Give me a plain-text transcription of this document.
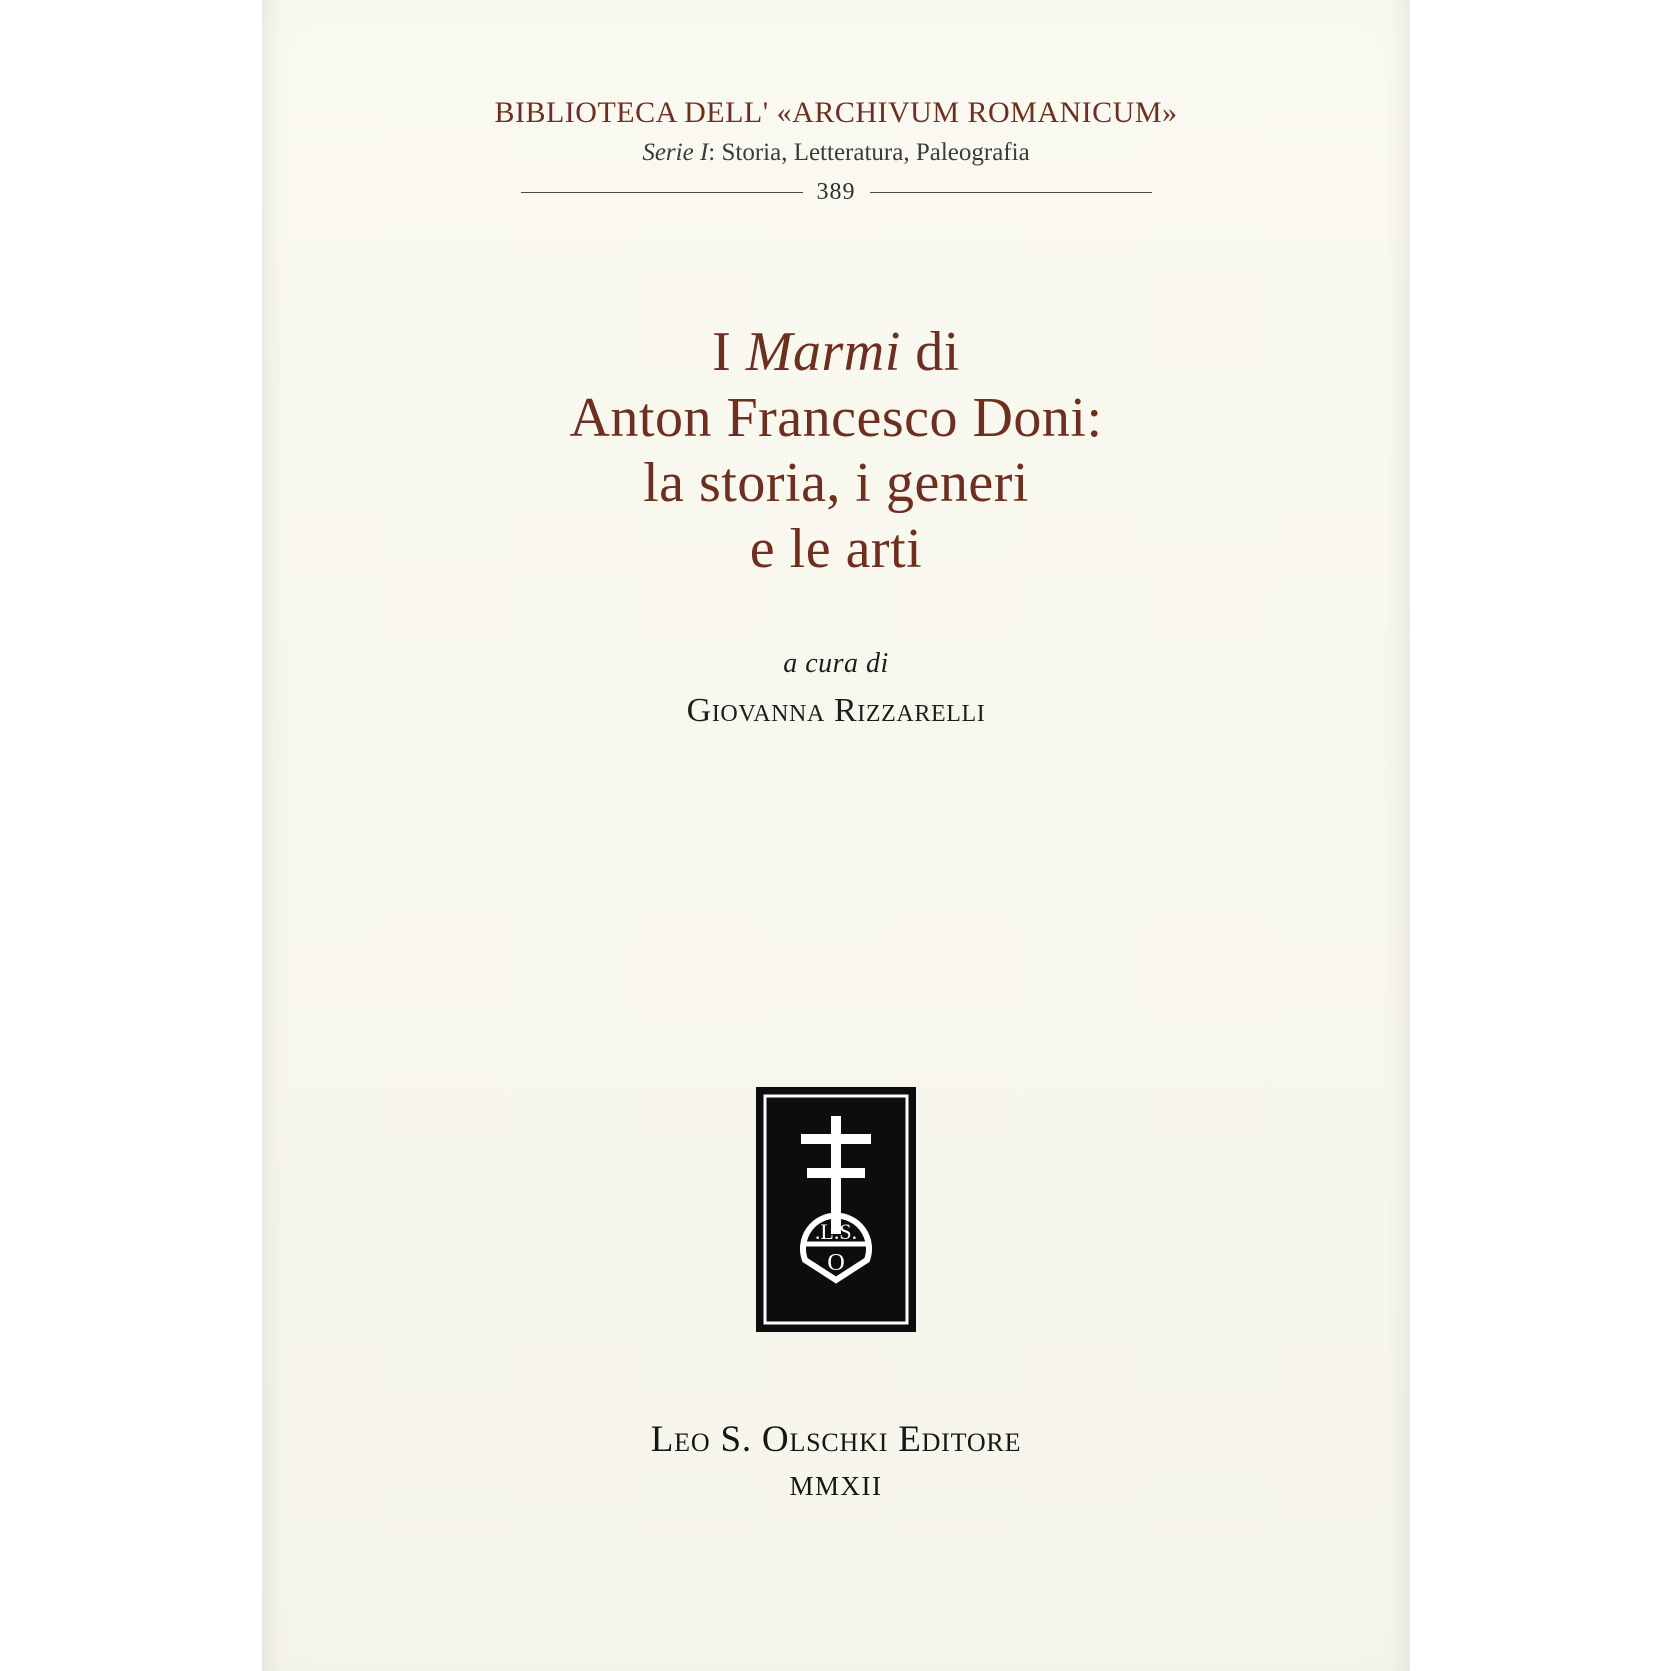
BIBLIOTECA DELL' «ARCHIVUM ROMANICUM»
Serie I: Storia, Letteratura, Paleografia
389
I Marmi di
Anton Francesco Doni:
la storia, i generi
e le arti
a cura di
Giovanna Rizzarelli
.L.S.
O
Leo S. Olschki Editore
MMXII
